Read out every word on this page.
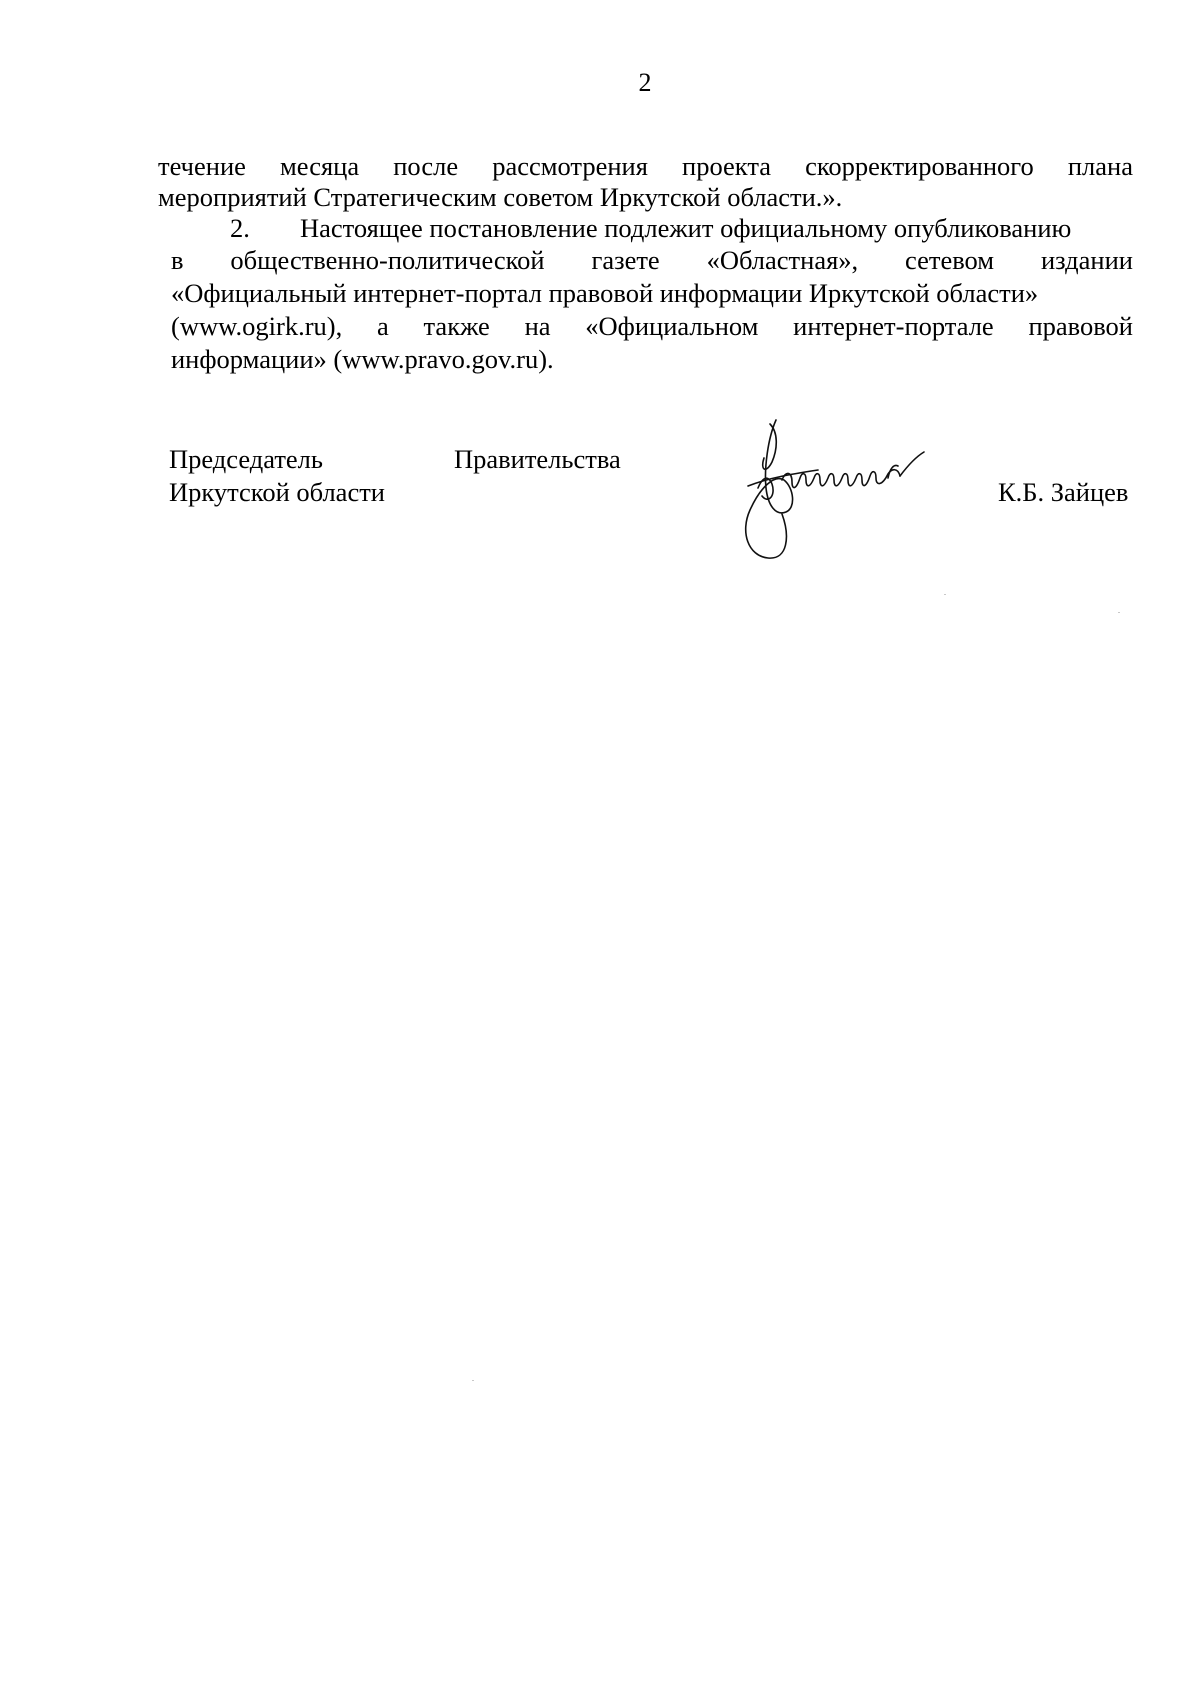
2
течение месяца после рассмотрения проекта скорректированного плана
мероприятий Стратегическим советом Иркутской области.».
2. Настоящее постановление подлежит официальному опубликованию
в общественно-политической газете «Областная», сетевом издании
«Официальный интернет-портал правовой информации Иркутской области»
(www.ogirk.ru), а также на «Официальном интернет-портале правовой
информации» (www.pravo.gov.ru).
Председатель	Правительства
Иркутской области	К.Б. Зайцев
